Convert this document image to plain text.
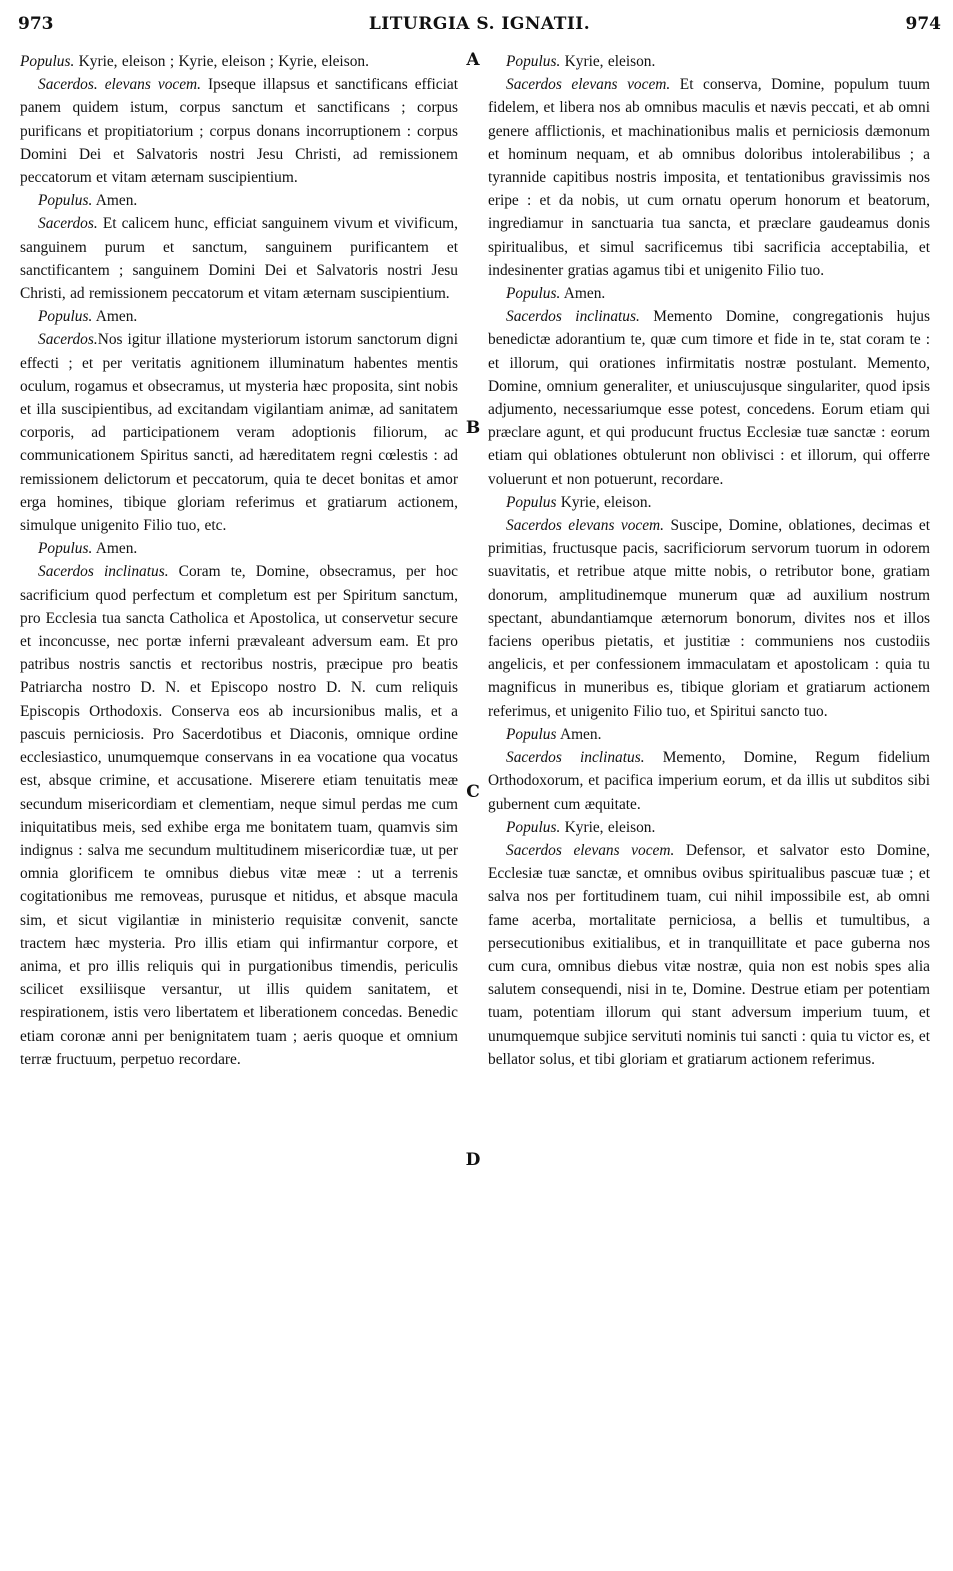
973	LITURGIA S. IGNATII.	974
A
B
C
D

Populus. Kyrie, eleison ; Kyrie, eleison ; Kyrie, eleison.

Sacerdos. elevans vocem. Ipseque illapsus et sanctificans efficiat panem quidem istum, corpus sanctum et sanctificans ; corpus purificans et propitiatorium ; corpus donans incorruptionem : corpus Domini Dei et Salvatoris nostri Jesu Christi, ad remissionem peccatorum et vitam æternam suscipientium.

Populus. Amen.

Sacerdos. Et calicem hunc, efficiat sanguinem vivum et vivificum, sanguinem purum et sanctum, sanguinem purificantem et sanctificantem ; sanguinem Domini Dei et Salvatoris nostri Jesu Christi, ad remissionem peccatorum et vitam æternam suscipientium.

Populus. Amen.

Sacerdos.Nos igitur illatione mysteriorum istorum sanctorum digni effecti ; et per veritatis agnitionem illuminatum habentes mentis oculum, rogamus et obsecramus, ut mysteria hæc proposita, sint nobis et illa suscipientibus, ad excitandam vigilantiam animæ, ad sanitatem corporis, ad participationem veram adoptionis filiorum, ac communicationem Spiritus sancti, ad hæreditatem regni cœlestis : ad remissionem delictorum et peccatorum, quia te decet bonitas et amor erga homines, tibique gloriam referimus et gratiarum actionem, simulque unigenito Filio tuo, etc.

Populus. Amen.

Sacerdos inclinatus. Coram te, Domine, obsecramus, per hoc sacrificium quod perfectum et completum est per Spiritum sanctum, pro Ecclesia tua sancta Catholica et Apostolica, ut conservetur secure et inconcusse, nec portæ inferni prævaleant adversum eam. Et pro patribus nostris sanctis et rectoribus nostris, præcipue pro beatis Patriarcha nostro D. N. et Episcopo nostro D. N. cum reliquis Episcopis Orthodoxis. Conserva eos ab incursionibus malis, et a pascuis perniciosis. Pro Sacerdotibus et Diaconis, omnique ordine ecclesiastico, unumquemque conservans in ea vocatione qua vocatus est, absque crimine, et accusatione. Miserere etiam tenuitatis meæ secundum misericordiam et clementiam, neque simul perdas me cum iniquitatibus meis, sed exhibe erga me bonitatem tuam, quamvis sim indignus : salva me secundum multitudinem misericordiæ tuæ, ut per omnia glorificem te omnibus diebus vitæ meæ : ut a terrenis cogitationibus me removeas, purusque et nitidus, et absque macula sim, et sicut vigilantiæ in ministerio requisitæ convenit, sancte tractem hæc mysteria. Pro illis etiam qui infirmantur corpore, et anima, et pro illis reliquis qui in purgationibus timendis, periculis scilicet exsiliisque versantur, ut illis quidem sanitatem, et respirationem, istis vero libertatem et liberationem concedas. Benedic etiam coronæ anni per benignitatem tuam ; aeris quoque et omnium terræ fructuum, perpetuo recordare.

Populus. Kyrie, eleison.

Sacerdos elevans vocem. Et conserva, Domine, populum tuum fidelem, et libera nos ab omnibus maculis et nævis peccati, et ab omni genere afflictionis, et machinationibus malis et perniciosis dæmonum et hominum nequam, et ab omnibus doloribus intolerabilibus ; a tyrannide capitibus nostris imposita, et tentationibus gravissimis nos eripe : et da nobis, ut cum ornatu operum honorum et beatorum, ingrediamur in sanctuaria tua sancta, et præclare gaudeamus donis spiritualibus, et simul sacrificemus tibi sacrificia acceptabilia, et indesinenter gratias agamus tibi et unigenito Filio tuo.

Populus. Amen.

Sacerdos inclinatus. Memento Domine, congregationis hujus benedictæ adorantium te, quæ cum timore et fide in te, stat coram te : et illorum, qui orationes infirmitatis nostræ postulant. Memento, Domine, omnium generaliter, et uniuscujusque singulariter, quod ipsis adjumento, necessariumque esse potest, concedens. Eorum etiam qui præclare agunt, et qui producunt fructus Ecclesiæ tuæ sanctæ : eorum etiam qui oblationes obtulerunt non oblivisci : et illorum, qui offerre voluerunt et non potuerunt, recordare.

Populus Kyrie, eleison.

Sacerdos elevans vocem. Suscipe, Domine, oblationes, decimas et primitias, fructusque pacis, sacrificiorum servorum tuorum in odorem suavitatis, et retribue atque mitte nobis, o retributor bone, gratiam donorum, amplitudinemque munerum quæ ad auxilium nostrum spectant, abundantiamque æternorum bonorum, divites nos et illos faciens operibus pietatis, et justitiæ : communiens nos custodiis angelicis, et per confessionem immaculatam et apostolicam : quia tu magnificus in muneribus es, tibique gloriam et gratiarum actionem referimus, et unigenito Filio tuo, et Spiritui sancto tuo.

Populus Amen.

Sacerdos inclinatus. Memento, Domine, Regum fidelium Orthodoxorum, et pacifica imperium eorum, et da illis ut subditos sibi gubernent cum æquitate.

Populus. Kyrie, eleison.

Sacerdos elevans vocem. Defensor, et salvator esto Domine, Ecclesiæ tuæ sanctæ, et omnibus ovibus spiritualibus pascuæ tuæ ; et salva nos per fortitudinem tuam, cui nihil impossibile est, ab omni fame acerba, mortalitate perniciosa, a bellis et tumultibus, a persecutionibus exitialibus, et in tranquillitate et pace guberna nos cum cura, omnibus diebus vitæ nostræ, quia non est nobis spes alia salutem consequendi, nisi in te, Domine. Destrue etiam per potentiam tuam, potentiam illorum qui stant adversum imperium tuum, et unumquemque subjice servituti nominis tui sancti : quia tu victor es, et bellator solus, et tibi gloriam et gratiarum actionem referimus.
